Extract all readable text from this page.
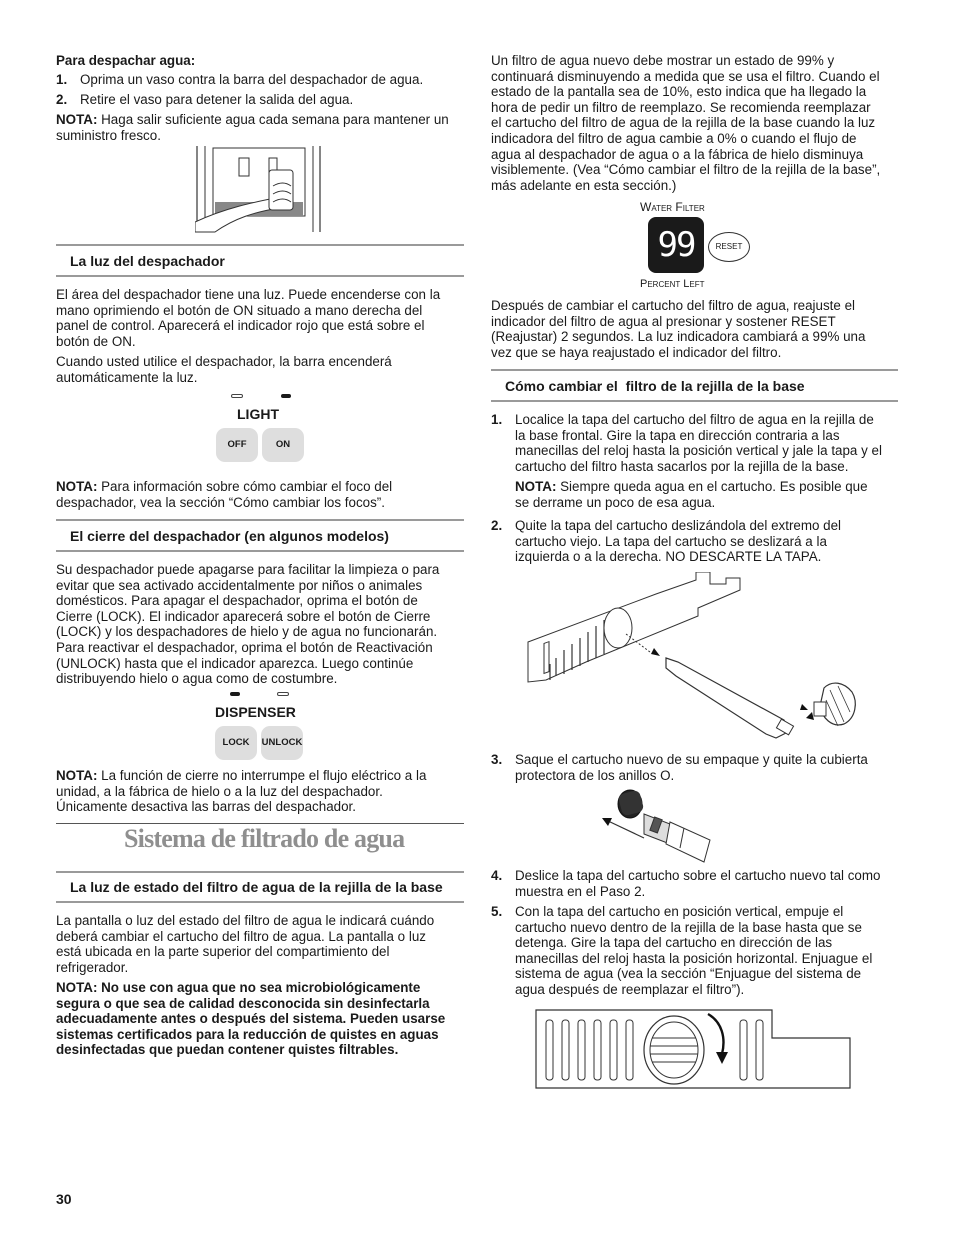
Para despachar agua:

1. Oprima un vaso contra la barra del despachador de agua.

2. Retire el vaso para detener la salida del agua.

NOTA: Haga salir suficiente agua cada semana para mantener un

suministro fresco.

La luz del despachador

El área del despachador tiene una luz. Puede encenderse con la

mano oprimiendo el botón de ON situado a mano derecha del

panel de control. Aparecerá el indicador rojo que está sobre el

botón de ON.

Cuando usted utilice el despachador, la barra encenderá

automáticamente la luz.

LIGHT
OFF	ON

NOTA: Para información sobre cómo cambiar el foco del

despachador, vea la sección “Cómo cambiar los focos”.

El cierre del despachador (en algunos modelos)

Su despachador puede apagarse para facilitar la limpieza o para

evitar que sea activado accidentalmente por niños o animales

domésticos. Para apagar el despachador, oprima el botón de

Cierre (LOCK). El indicador aparecerá sobre el botón de Cierre

(LOCK) y los despachadores de hielo y de agua no funcionarán.

Para reactivar el despachador, oprima el botón de Reactivación

(UNLOCK) hasta que el indicador aparezca. Luego continúe

distribuyendo hielo o agua como de costumbre.

DISPENSER
LOCK	UNLOCK

NOTA: La función de cierre no interrumpe el flujo eléctrico a la

unidad, a la fábrica de hielo o a la luz del despachador.

Únicamente desactiva las barras del despachador.

Sistema de filtrado de agua
La luz de estado del filtro de agua de la rejilla de la base

La pantalla o luz del estado del filtro de agua le indicará cuándo

deberá cambiar el cartucho del filtro de agua. La pantalla o luz

está ubicada en la parte superior del compartimiento del

refrigerador.

NOTA: No use con agua que no sea microbiológicamente

segura o que sea de calidad desconocida sin desinfectarla

adecuadamente antes o después del sistema. Pueden usarse

sistemas certificados para la reducción de quistes en aguas

desinfectadas que puedan contener quistes filtrables.

Un filtro de agua nuevo debe mostrar un estado de 99% y

continuará disminuyendo a medida que se usa el filtro. Cuando el

estado de la pantalla sea de 10%, esto indica que ha llegado la

hora de pedir un filtro de reemplazo. Se recomienda reemplazar

el cartucho del filtro de agua de la rejilla de la base cuando la luz

indicadora del filtro de agua cambie a 0% o cuando el flujo de

agua al despachador de agua o a la fábrica de hielo disminuya

visiblemente. (Vea “Cómo cambiar el filtro de la rejilla de la base”,

más adelante en esta sección.)

Water Filter
99	RESET
Percent Left

Después de cambiar el cartucho del filtro de agua, reajuste el

indicador del filtro de agua al presionar y sostener RESET

(Reajustar) 2 segundos. La luz indicadora cambiará a 99% una

vez que se haya reajustado el indicador del filtro.

Cómo cambiar el  filtro de la rejilla de la base
1. Localice la tapa del cartucho del filtro de agua en la rejilla de

la base frontal. Gire la tapa en dirección contraria a las

manecillas del reloj hasta la posición vertical y jale la tapa y el

cartucho del filtro hasta sacarlos por la rejilla de la base.

NOTA: Siempre queda agua en el cartucho. Es posible que

se derrame un poco de esa agua.

2. Quite la tapa del cartucho deslizándola del extremo del

cartucho viejo. La tapa del cartucho se deslizará a la

izquierda o a la derecha. NO DESCARTE LA TAPA.

3. Saque el cartucho nuevo de su empaque y quite la cubierta

protectora de los anillos O.

4. Deslice la tapa del cartucho sobre el cartucho nuevo tal como

muestra en el Paso 2.

5. Con la tapa del cartucho en posición vertical, empuje el

cartucho nuevo dentro de la rejilla de la base hasta que se

detenga. Gire la tapa del cartucho en dirección de las

manecillas del reloj hasta la posición horizontal. Enjuague el

sistema de agua (vea la sección “Enjuague del sistema de

agua después de reemplazar el filtro”).

30
